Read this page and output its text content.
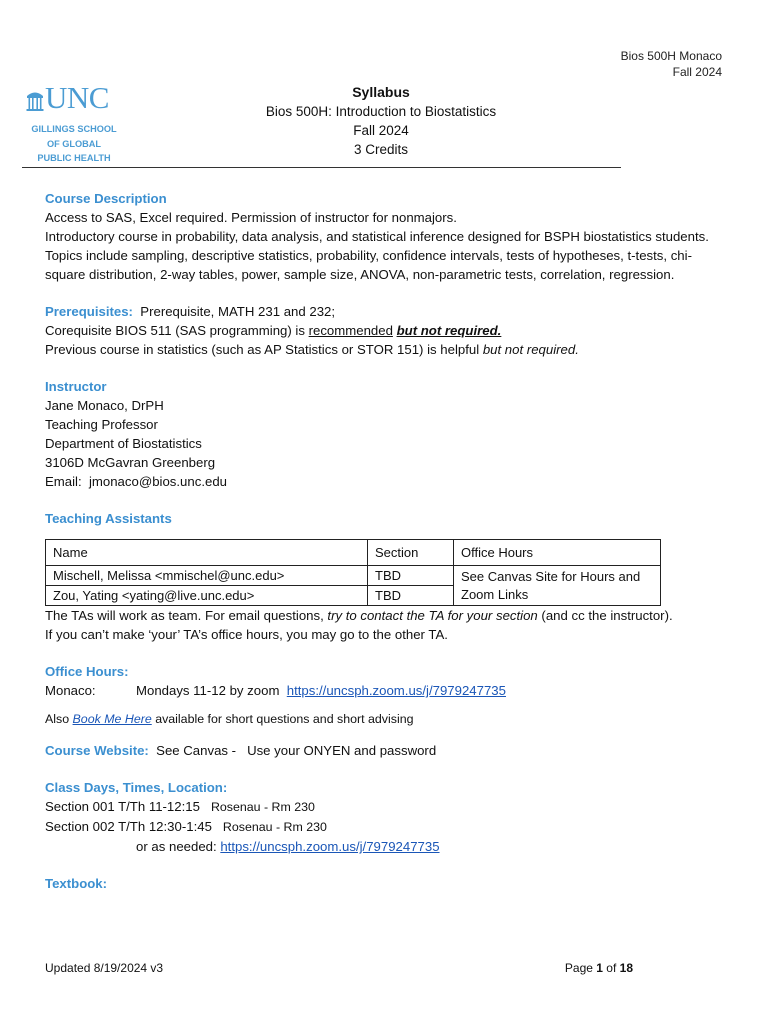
Bios 500H Monaco
Fall 2024
UNC
GILLINGS SCHOOL
OF GLOBAL
PUBLIC HEALTH
Syllabus
Bios 500H: Introduction to Biostatistics
Fall 2024
3 Credits
Course Description
Access to SAS, Excel required. Permission of instructor for nonmajors.
Introductory course in probability, data analysis, and statistical inference designed for BSPH biostatistics students. Topics include sampling, descriptive statistics, probability, confidence intervals, tests of hypotheses, t-tests, chi-square distribution, 2-way tables, power, sample size, ANOVA, non-parametric tests, correlation, regression.
Prerequisites: Prerequisite, MATH 231 and 232;
Corequisite BIOS 511 (SAS programming) is recommended but not required.
Previous course in statistics (such as AP Statistics or STOR 151) is helpful but not required.
Instructor
Jane Monaco, DrPH
Teaching Professor
Department of Biostatistics
3106D McGavran Greenberg
Email: jmonaco@bios.unc.edu
Teaching Assistants
Name	Section	Office Hours
Mischell, Melissa <mmischel@unc.edu>	TBD	See Canvas Site for Hours and Zoom Links
Zou, Yating <yating@live.unc.edu>	TBD	
The TAs will work as team. For email questions, try to contact the TA for your section (and cc the instructor).
If you can’t make ‘your’ TA’s office hours, you may go to the other TA.
Office Hours:
Monaco:	Mondays 11-12 by zoom https://uncsph.zoom.us/j/7979247735
Also Book Me Here available for short questions and short advising
Course Website: See Canvas - Use your ONYEN and password
Class Days, Times, Location:
Section 001 T/Th 11-12:15 Rosenau - Rm 230
Section 002 T/Th 12:30-1:45 Rosenau - Rm 230
or as needed: https://uncsph.zoom.us/j/7979247735
Textbook:
Updated 8/19/2024 v3	Page 1 of 18
